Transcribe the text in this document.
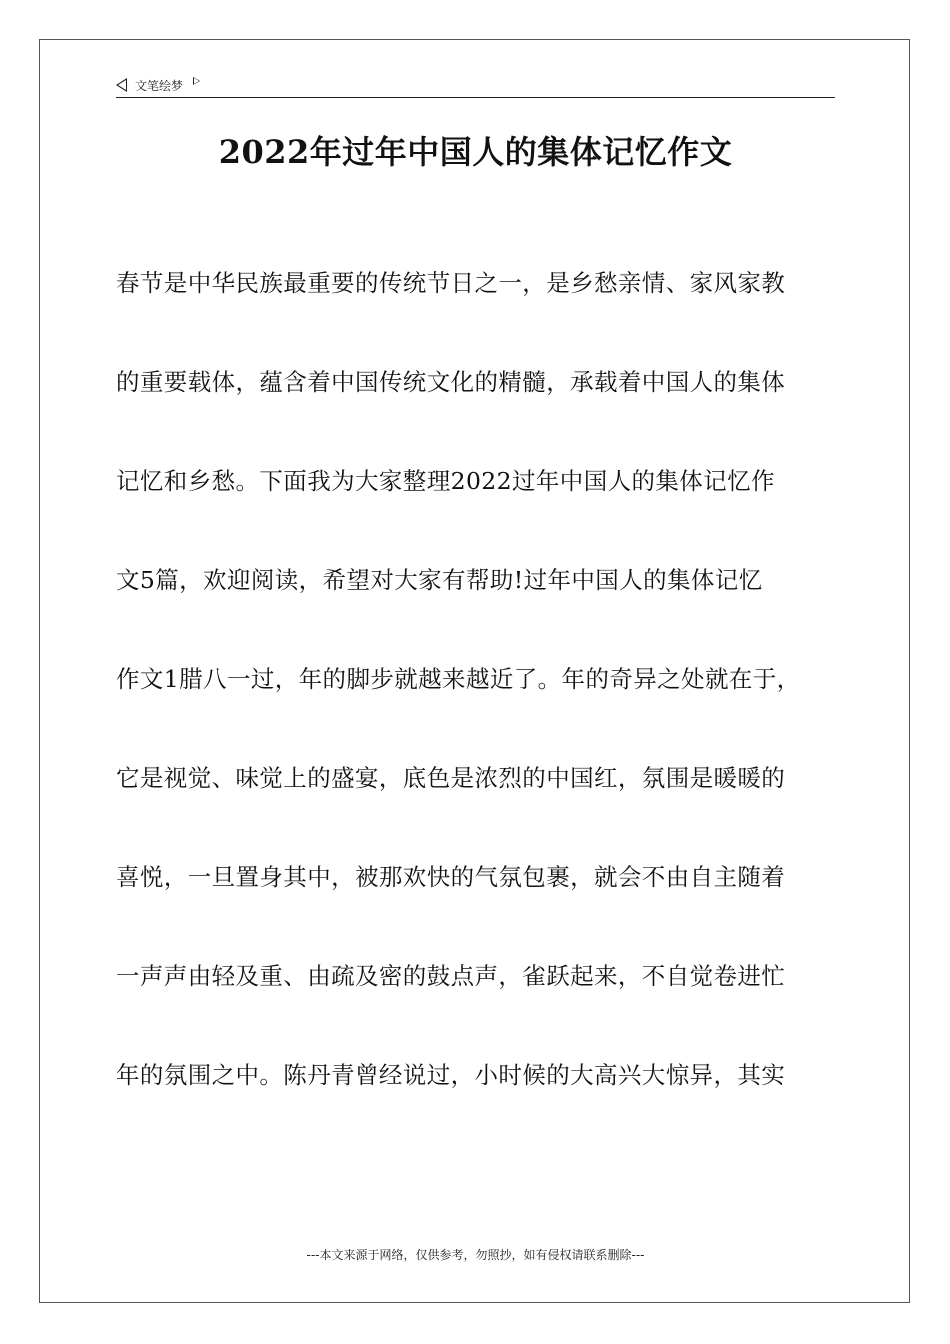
文笔绘梦
2022年过年中国人的集体记忆作文
春节是中华民族最重要的传统节日之一，是乡愁亲情、家风家教
的重要载体，蕴含着中国传统文化的精髓，承载着中国人的集体
记忆和乡愁。下面我为大家整理2022过年中国人的集体记忆作
文5篇，欢迎阅读，希望对大家有帮助!过年中国人的集体记忆
作文1腊八一过，年的脚步就越来越近了。年的奇异之处就在于，
它是视觉、味觉上的盛宴，底色是浓烈的中国红，氛围是暖暖的
喜悦，一旦置身其中，被那欢快的气氛包裹，就会不由自主随着
一声声由轻及重、由疏及密的鼓点声，雀跃起来，不自觉卷进忙
年的氛围之中。陈丹青曾经说过，小时候的大高兴大惊异，其实
---本文来源于网络，仅供参考，勿照抄，如有侵权请联系删除---
